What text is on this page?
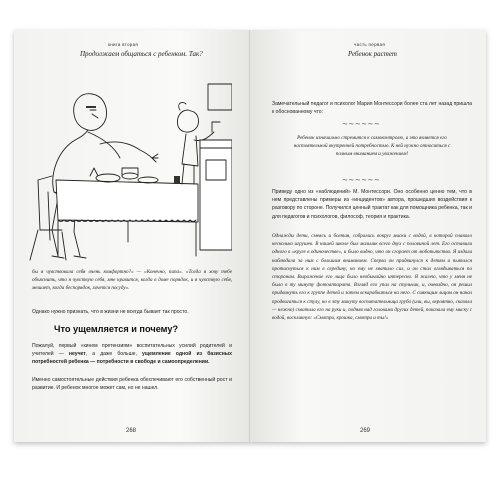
книга вторая
Продолжаем общаться с ребенком. Так?
бы я чувствовала себя очень комфортно?» — «Конечно, папа». «Тогда я хочу тебе объяснить, что я чувствую себя, мне нравится, когда в доме порядок, и я чувствую себя, мешает, когда беспорядок, хочется посуду».
Однако нужно признать, что в жизни не всегда бывает так просто.
Что ущемляется и почему?
Пожалуй, первый «кинем претензиям» воспитательных усилий родителей и учителей — неучет, а даже больше, ущемление одной из базисных потребностей ребенка — потребности в свободе и самоопределении.
Именно самостоятельные действия ребенка обеспечивают его собственный рост и развитие. И ребенок многое может сам, но не нашел.
268
часть первая
Ребенок растет
Замечательный педагог и психолог Мария Монтессори более ста лет назад пришла к обоснованному что:
∼∼∼∼∼∼
Ребенок изначально стремится к самоконтролю, и это является его настоятельной внутренней потребностью. К ней нужно относиться с полным вниманием и уважением!
∼∼∼∼∼∼
Приведу одно из «наблюдений» М. Монтессори. Оно особенно ценно тем, что в нем представлены примеры из «инцидентов» автора, прошедших воздействия к разговору по стороне. Получился ценный трактат как для помощника ребенка, так и для педагогов и психологов, философ, теория и практика.
Однажды дети, смеясь и болтая, собрались вокруг миски с водой, в которой плавало несколько игрушек. В нашей школе был мальчик всего двух с половиной лет. Его оставили одного в «круге в одиночестве», и было видно, что он сгорает от любопытства. Я издали наблюдала за ним с большим вниманием. Сперва он придвинулся к детям и пытался протиснуться к ним в середину, но ему не хватило сил, и он стал оглядываться по сторонам. Выражение его лица было необычайно интересно. Я жалею, что у меня не было в ту минуту фотоаппарата. Взгляд его упал на стульчик, и, очевидно, он решил придвинуть его к группе детей и затем вскарабкаться на него. С сияющим лицом он начал продвигаться к стулу, но в эту минуту воспитательница грубо (или, вы, вероятно, сказала — нежно) схватила его на руки и, подняв над головами других детей, показала ему миску с водой, воскликнув: «Смотри, крошка, смотри и ты!»
269
